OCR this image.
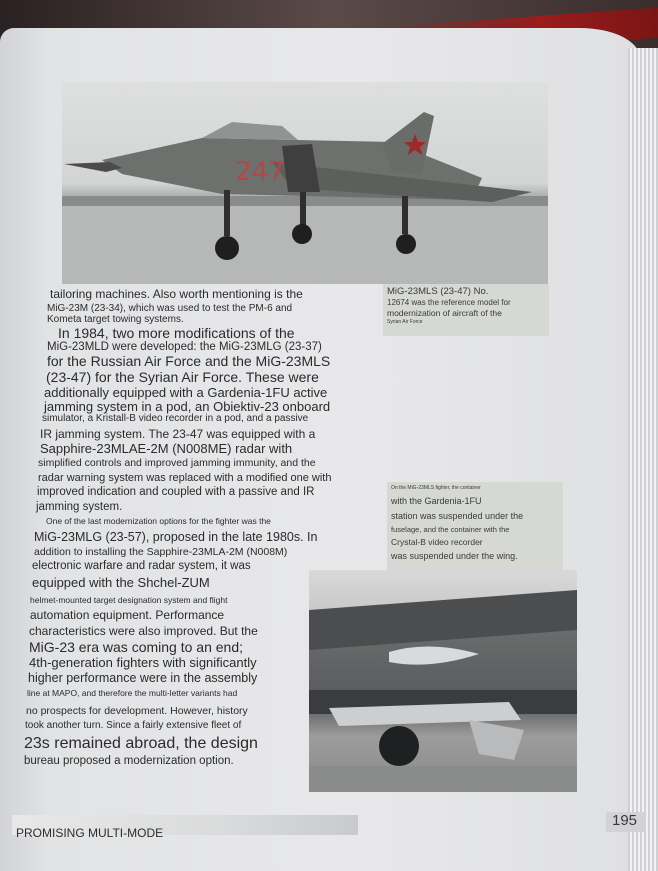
247

MiG-23MLS (23-47) No.

12674 was the reference model for

modernization of aircraft of the

Syrian Air Force

On the MiG-23MLS fighter, the container

with the Gardenia-1FU

station was suspended under the

fuselage, and the container with the

Crystal-B video recorder

was suspended under the wing.

tailoring machines. Also worth mentioning is the

MiG-23M (23-34), which was used to test the PM-6 and

Kometa target towing systems.

In 1984, two more modifications of the

MiG-23MLD were developed: the MiG-23MLG (23-37)

for the Russian Air Force and the MiG-23MLS

(23-47) for the Syrian Air Force. These were

additionally equipped with a Gardenia-1FU active

jamming system in a pod, an Obiektiv-23 onboard

simulator, a Kristall-B video recorder in a pod, and a passive

IR jamming system. The 23-47 was equipped with a

Sapphire-23MLAE-2M (N008ME) radar with

simplified controls and improved jamming immunity, and the

radar warning system was replaced with a modified one with

improved indication and coupled with a passive and IR

jamming system.

One of the last modernization options for the fighter was the

MiG-23MLG (23-57), proposed in the late 1980s. In

addition to installing the Sapphire-23MLA-2M (N008M)

electronic warfare and radar system, it was

equipped with the Shchel-ZUM

helmet-mounted target designation system and flight

automation equipment. Performance

characteristics were also improved. But the

MiG-23 era was coming to an end;

4th-generation fighters with significantly

higher performance were in the assembly

line at MAPO, and therefore the multi-letter variants had

no prospects for development. However, history

took another turn. Since a fairly extensive fleet of

23s remained abroad, the design

bureau proposed a modernization option.

PROMISING MULTI-MODE
195
